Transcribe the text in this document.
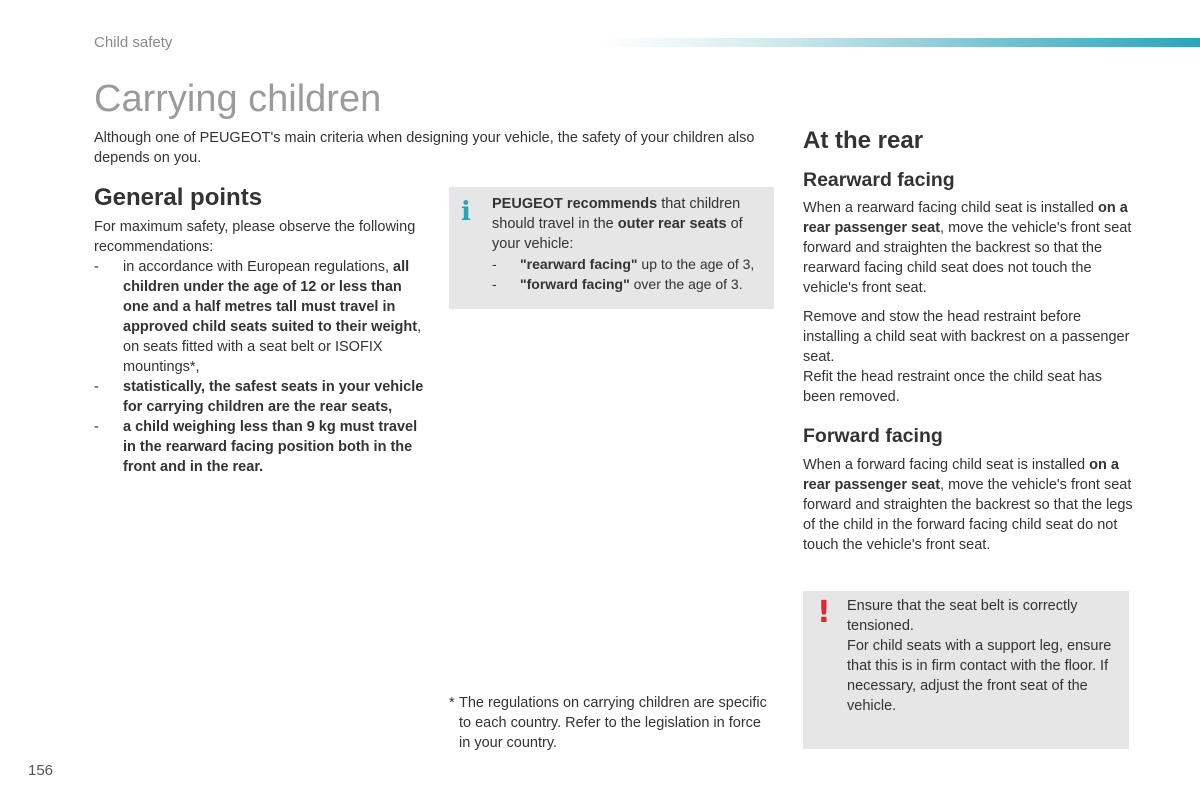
Child safety
Carrying children
Although one of PEUGEOT's main criteria when designing your vehicle, the safety of your children also depends on you.
General points
For maximum safety, please observe the following recommendations:
- in accordance with European regulations, all children under the age of 12 or less than one and a half metres tall must travel in approved child seats suited to their weight, on seats fitted with a seat belt or ISOFIX mountings*,
- statistically, the safest seats in your vehicle for carrying children are the rear seats,
- a child weighing less than 9 kg must travel in the rearward facing position both in the front and in the rear.
i PEUGEOT recommends that children should travel in the outer rear seats of your vehicle:
- "rearward facing" up to the age of 3,
- "forward facing" over the age of 3.
* The regulations on carrying children are specific to each country. Refer to the legislation in force in your country.
At the rear
Rearward facing
When a rearward facing child seat is installed on a rear passenger seat, move the vehicle's front seat forward and straighten the backrest so that the rearward facing child seat does not touch the vehicle's front seat.
Remove and stow the head restraint before installing a child seat with backrest on a passenger seat.
Refit the head restraint once the child seat has been removed.
Forward facing
When a forward facing child seat is installed on a rear passenger seat, move the vehicle's front seat forward and straighten the backrest so that the legs of the child in the forward facing child seat do not touch the vehicle's front seat.
! Ensure that the seat belt is correctly tensioned.
For child seats with a support leg, ensure that this is in firm contact with the floor. If necessary, adjust the front seat of the vehicle.
156
